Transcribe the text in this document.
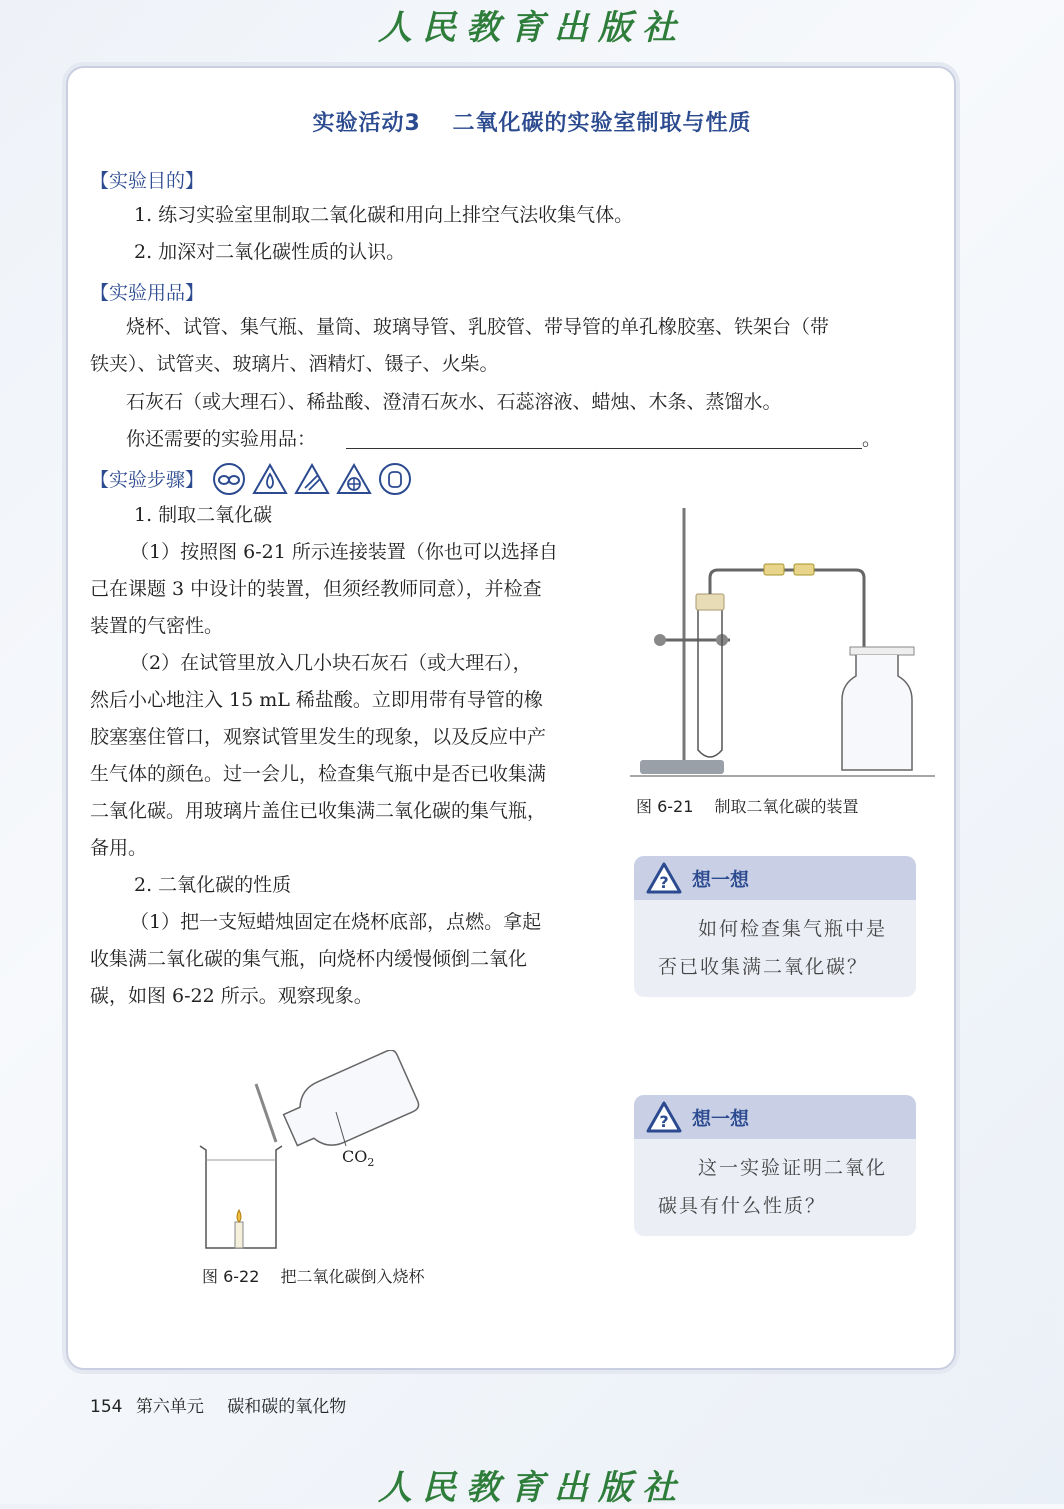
人民教育出版社
实验活动3　 二氧化碳的实验室制取与性质
【实验目的】
1. 练习实验室里制取二氧化碳和用向上排空气法收集气体。
2. 加深对二氧化碳性质的认识。
【实验用品】
烧杯、试管、集气瓶、量筒、玻璃导管、乳胶管、带导管的单孔橡胶塞、铁架台（带
铁夹）、试管夹、玻璃片、酒精灯、镊子、火柴。
石灰石（或大理石）、稀盐酸、澄清石灰水、石蕊溶液、蜡烛、木条、蒸馏水。
你还需要的实验用品：	。
【实验步骤】
1. 制取二氧化碳
（1）按照图 6-21 所示连接装置（你也可以选择自
己在课题 3 中设计的装置，但须经教师同意），并检查
装置的气密性。
（2）在试管里放入几小块石灰石（或大理石），
然后小心地注入 15 mL 稀盐酸。立即用带有导管的橡
胶塞塞住管口，观察试管里发生的现象，以及反应中产
生气体的颜色。过一会儿，检查集气瓶中是否已收集满
二氧化碳。用玻璃片盖住已收集满二氧化碳的集气瓶，
备用。
2. 二氧化碳的性质
（1）把一支短蜡烛固定在烧杯底部，点燃。拿起
收集满二氧化碳的集气瓶，向烧杯内缓慢倾倒二氧化
碳，如图 6-22 所示。观察现象。
图 6-21　 制取二氧化碳的装置
? 想一想
如何检查集气瓶中是否已收集满二氧化碳？
? 想一想
这一实验证明二氧化碳具有什么性质？
$CO_2$
图 6-22　 把二氧化碳倒入烧杯
154 第六单元 碳和碳的氧化物
人民教育出版社
